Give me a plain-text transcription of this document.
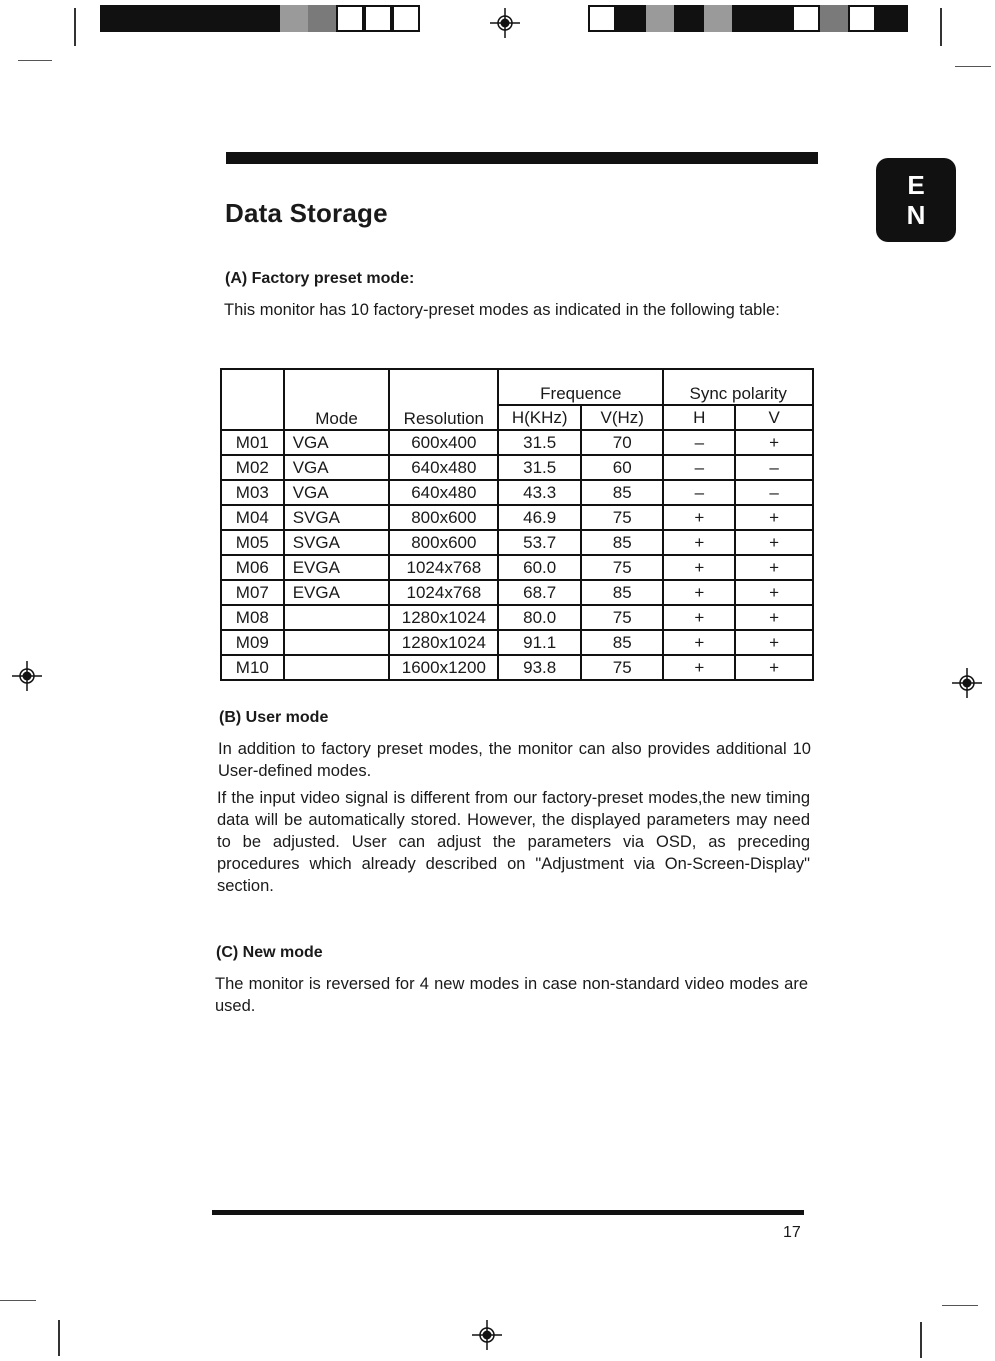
E
N
Data Storage
(A) Factory preset mode:

This monitor has 10 factory-preset modes as indicated in the following table:

	Mode	Resolution	Frequence		Sync polarity	
			H(KHz)	V(Hz)	H	V
M01	VGA	600x400	31.5	70	–	+
M02	VGA	640x480	31.5	60	–	–
M03	VGA	640x480	43.3	85	–	–
M04	SVGA	800x600	46.9	75	+	+
M05	SVGA	800x600	53.7	85	+	+
M06	EVGA	1024x768	60.0	75	+	+
M07	EVGA	1024x768	68.7	85	+	+
M08		1280x1024	80.0	75	+	+
M09		1280x1024	91.1	85	+	+
M10		1600x1200	93.8	75	+	+
(B) User mode

In addition to factory preset modes, the monitor can also provides additional 10 User-defined modes.

If the input video signal is different from our factory-preset modes,the new timing data will be automatically stored. However, the displayed parameters may need to be adjusted. User can adjust the parameters via OSD, as preceding procedures which already described on "Adjustment via On-Screen-Display" section.

(C) New mode

The monitor is reversed for 4 new modes in case non-standard video modes are used.

17
